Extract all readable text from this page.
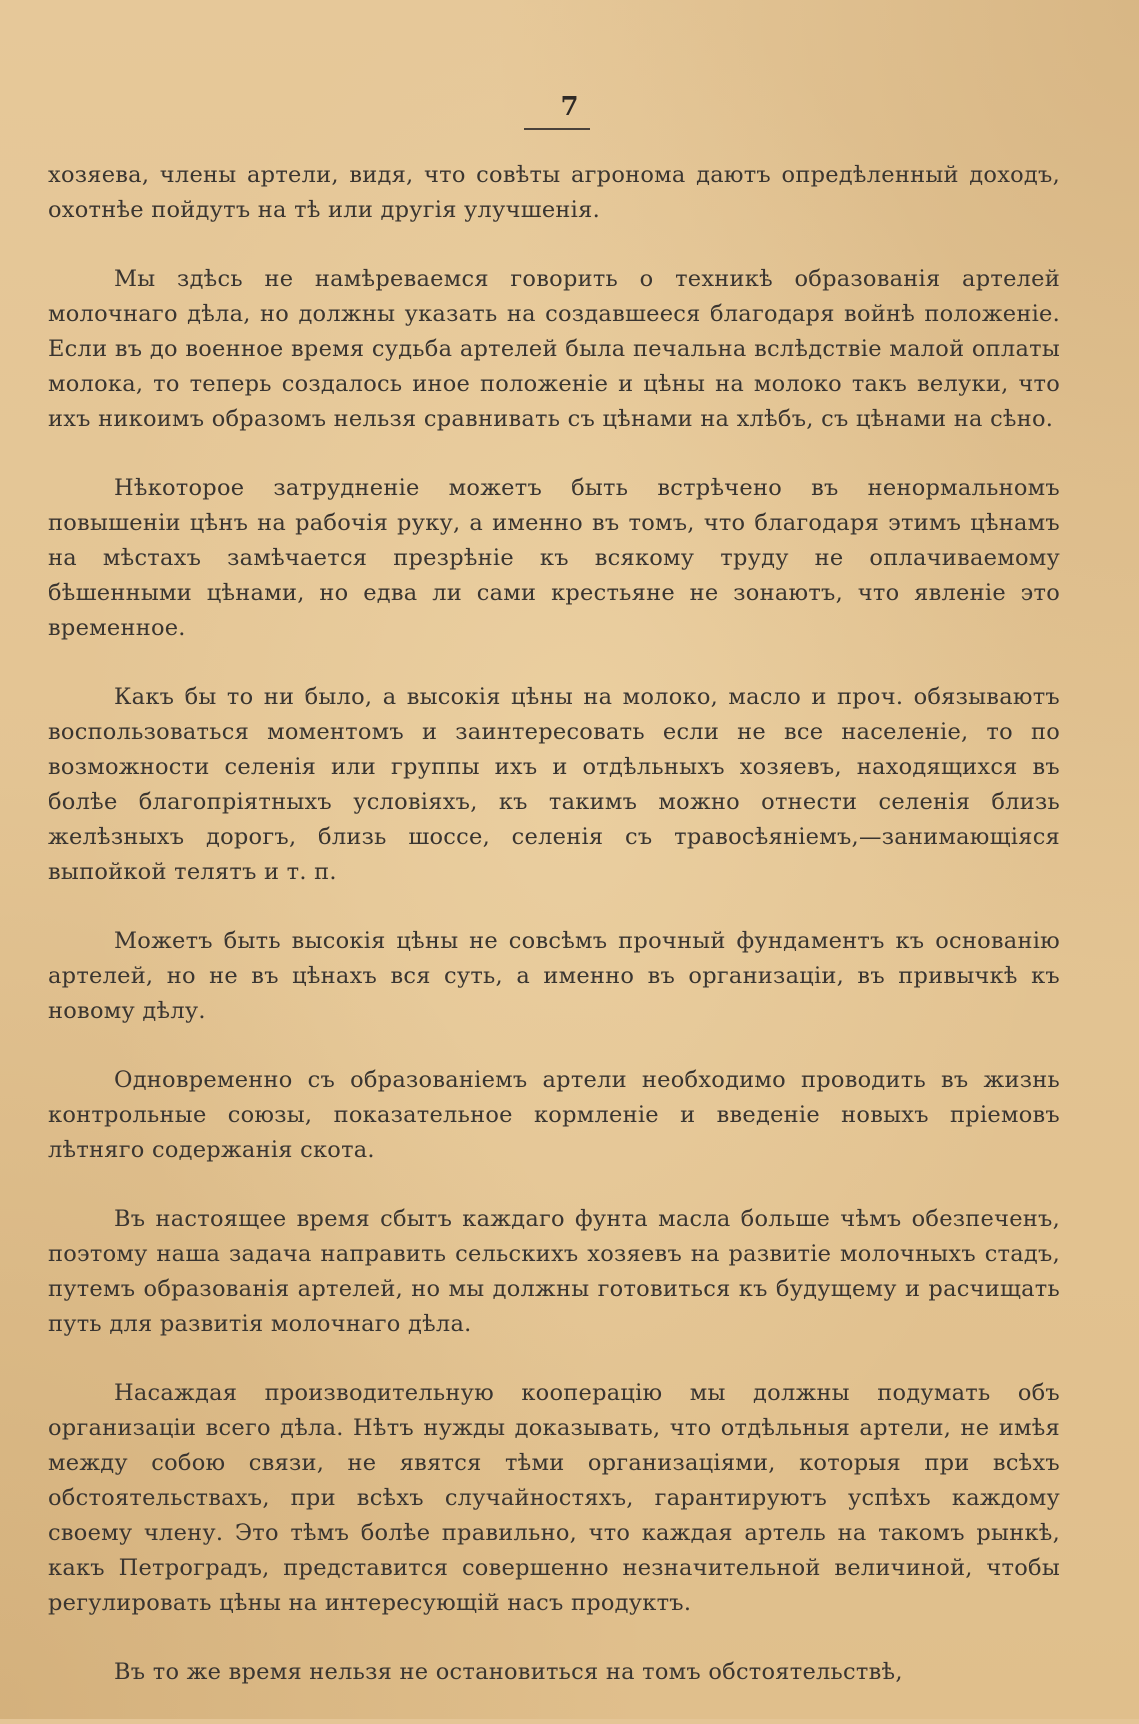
7

хозяева, члены артели, видя, что совѣты агронома даютъ опредѣленный доходъ, охотнѣе пойдутъ на тѣ или другія улучшенія.

Мы здѣсь не намѣреваемся говорить о техникѣ образованія артелей молочнаго дѣла, но должны указать на создавшееся благодаря войнѣ положеніе. Если въ до военное время судьба артелей была печальна вслѣдствіе малой оплаты молока, то теперь создалось иное положеніе и цѣны на молоко такъ велуки, что ихъ никоимъ образомъ нельзя сравнивать съ цѣнами на хлѣбъ, съ цѣнами на сѣно.

Нѣкоторое затрудненіе можетъ быть встрѣчено въ ненормальномъ повышеніи цѣнъ на рабочія руку, а именно въ томъ, что благодаря этимъ цѣнамъ на мѣстахъ замѣчается презрѣніе къ всякому труду не оплачиваемому бѣшенными цѣнами, но едва ли сами крестьяне не зонаютъ, что явленіе это временное.

Какъ бы то ни было, а высокія цѣны на молоко, масло и проч. обязываютъ воспользоваться моментомъ и заинтересовать если не все населеніе, то по возможности селенія или группы ихъ и отдѣльныхъ хозяевъ, находящихся въ болѣе благопріятныхъ условіяхъ, къ такимъ можно отнести селенія близь желѣзныхъ дорогъ, близь шоссе, селенія съ травосѣяніемъ,—занимающіяся выпойкой телятъ и т. п.

Можетъ быть высокія цѣны не совсѣмъ прочный фундаментъ къ основанію артелей, но не въ цѣнахъ вся суть, а именно въ организаціи, въ привычкѣ къ новому дѣлу.

Одновременно съ образованіемъ артели необходимо проводить въ жизнь контрольные союзы, показательное кормленіе и введеніе новыхъ пріемовъ лѣтняго содержанія скота.

Въ настоящее время сбытъ каждаго фунта масла больше чѣмъ обезпеченъ, поэтому наша задача направить сельскихъ хозяевъ на развитіе молочныхъ стадъ, путемъ образованія артелей, но мы должны готовиться къ будущему и расчищать путь для развитія молочнаго дѣла.

Насаждая производительную кооперацію мы должны подумать объ организаціи всего дѣла. Нѣтъ нужды доказывать, что отдѣльныя артели, не имѣя между собою связи, не явятся тѣми организаціями, которыя при всѣхъ обстоятельствахъ, при всѣхъ случайностяхъ, гарантируютъ успѣхъ каждому своему члену. Это тѣмъ болѣе правильно, что каждая артель на такомъ рынкѣ, какъ Петроградъ, представится совершенно незначительной величиной, чтобы регулировать цѣны на интересующій насъ продуктъ.

Въ то же время нельзя не остановиться на томъ обстоятельствѣ,
